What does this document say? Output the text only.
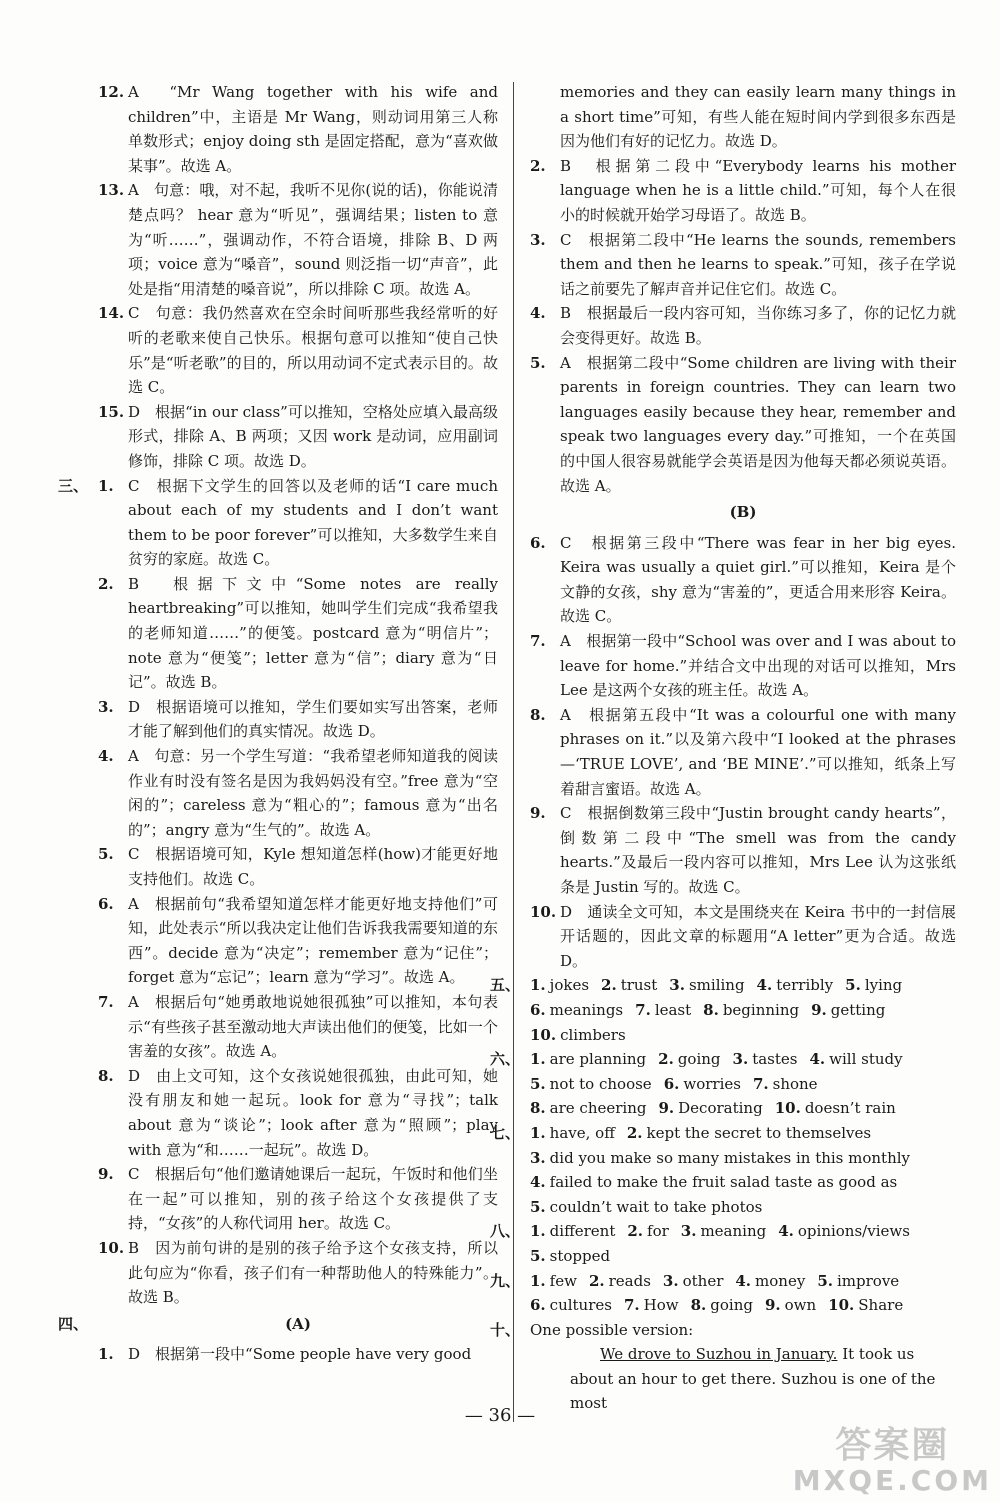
12. A　“Mr Wang together with his wife and children”中，主语是 Mr Wang，则动词用第三人称单数形式；enjoy doing sth 是固定搭配，意为“喜欢做某事”。故选 A。

13. A　句意：哦，对不起，我听不见你(说的话)，你能说清楚点吗？ hear 意为“听见”，强调结果；listen to 意为“听……”，强调动作，不符合语境，排除 B、D 两项；voice 意为“嗓音”，sound 则泛指一切“声音”，此处是指“用清楚的嗓音说”，所以排除 C 项。故选 A。

14. C　句意：我仍然喜欢在空余时间听那些我经常听的好听的老歌来使自己快乐。根据句意可以推知“使自己快乐”是“听老歌”的目的，所以用动词不定式表示目的。故选 C。

15. D　根据“in our class”可以推知，空格处应填入最高级形式，排除 A、B 两项；又因 work 是动词，应用副词修饰，排除 C 项。故选 D。

三、 1. C　根据下文学生的回答以及老师的话“I care much about each of my students and I don’t want them to be poor forever”可以推知，大多数学生来自贫穷的家庭。故选 C。

2. B　根据下文中“Some notes are really heartbreaking”可以推知，她叫学生们完成“我希望我的老师知道……”的便笺。postcard 意为“明信片”；note 意为“便笺”；letter 意为“信”；diary 意为“日记”。故选 B。

3. D　根据语境可以推知，学生们要如实写出答案，老师才能了解到他们的真实情况。故选 D。

4. A　句意：另一个学生写道：“我希望老师知道我的阅读作业有时没有签名是因为我妈妈没有空。”free 意为“空闲的”；careless 意为“粗心的”；famous 意为“出名的”；angry 意为“生气的”。故选 A。

5. C　根据语境可知，Kyle 想知道怎样(how)才能更好地支持他们。故选 C。

6. A　根据前句“我希望知道怎样才能更好地支持他们”可知，此处表示“所以我决定让他们告诉我我需要知道的东西”。decide 意为“决定”；remember 意为“记住”；forget 意为“忘记”；learn 意为“学习”。故选 A。

7. A　根据后句“她勇敢地说她很孤独”可以推知，本句表示“有些孩子甚至激动地大声读出他们的便笺，比如一个害羞的女孩”。故选 A。

8. D　由上文可知，这个女孩说她很孤独，由此可知，她没有朋友和她一起玩。look for 意为“寻找”；talk about 意为“谈论”；look after 意为“照顾”；play with 意为“和……一起玩”。故选 D。

9. C　根据后句“他们邀请她课后一起玩，午饭时和他们坐在一起”可以推知，别的孩子给这个女孩提供了支持，“女孩”的人称代词用 her。故选 C。

10. B　因为前句讲的是别的孩子给予这个女孩支持，所以此句应为“你看，孩子们有一种帮助他人的特殊能力”。故选 B。

四、	(A)

1. D　根据第一段中“Some people have very good

memories and they can easily learn many things in a short time”可知，有些人能在短时间内学到很多东西是因为他们有好的记忆力。故选 D。

2. B　根据第二段中“Everybody learns his mother language when he is a little child.”可知，每个人在很小的时候就开始学习母语了。故选 B。

3. C　根据第二段中“He learns the sounds, remembers them and then he learns to speak.”可知，孩子在学说话之前要先了解声音并记住它们。故选 C。

4. B　根据最后一段内容可知，当你练习多了，你的记忆力就会变得更好。故选 B。

5. A　根据第二段中“Some children are living with their parents in foreign countries. They can learn two languages easily because they hear, remember and speak two languages every day.”可推知，一个在英国的中国人很容易就能学会英语是因为他每天都必须说英语。故选 A。

(B)

6. C　根据第三段中“There was fear in her big eyes. Keira was usually a quiet girl.”可以推知，Keira 是个文静的女孩，shy 意为“害羞的”，更适合用来形容 Keira。故选 C。

7. A　根据第一段中“School was over and I was about to leave for home.”并结合文中出现的对话可以推知，Mrs Lee 是这两个女孩的班主任。故选 A。

8. A　根据第五段中“It was a colourful one with many phrases on it.”以及第六段中“I looked at the phrases—‘TRUE LOVE’, and ‘BE MINE’.”可以推知，纸条上写着甜言蜜语。故选 A。

9. C　根据倒数第三段中“Justin brought candy hearts”，倒数第二段中“The smell was from the candy hearts.”及最后一段内容可以推知，Mrs Lee 认为这张纸条是 Justin 写的。故选 C。

10. D　通读全文可知，本文是围绕夹在 Keira 书中的一封信展开话题的，因此文章的标题用“A letter”更为合适。故选 D。

五、 1. jokes 2. trust 3. smiling 4. terribly 5. lying6. meanings 7. least 8. beginning 9. getting10. climbers
六、 1. are planning 2. going 3. tastes 4. will study5. not to choose 6. worries 7. shone8. are cheering 9. Decorating 10. doesn’t rain
七、 1. have, off 2. kept the secret to themselves3. did you make so many mistakes in this monthly4. failed to make the fruit salad taste as good as5. couldn’t wait to take photos
八、 1. different 2. for 3. meaning 4. opinions/views5. stopped
九、 1. few 2. reads 3. other 4. money 5. improve6. cultures 7. How 8. going 9. own 10. Share
十、 One possible version:

We drove to Suzhou in January. It took us about an hour to get there. Suzhou is one of the most

— 36 —
答案圈
MXQE.COM
